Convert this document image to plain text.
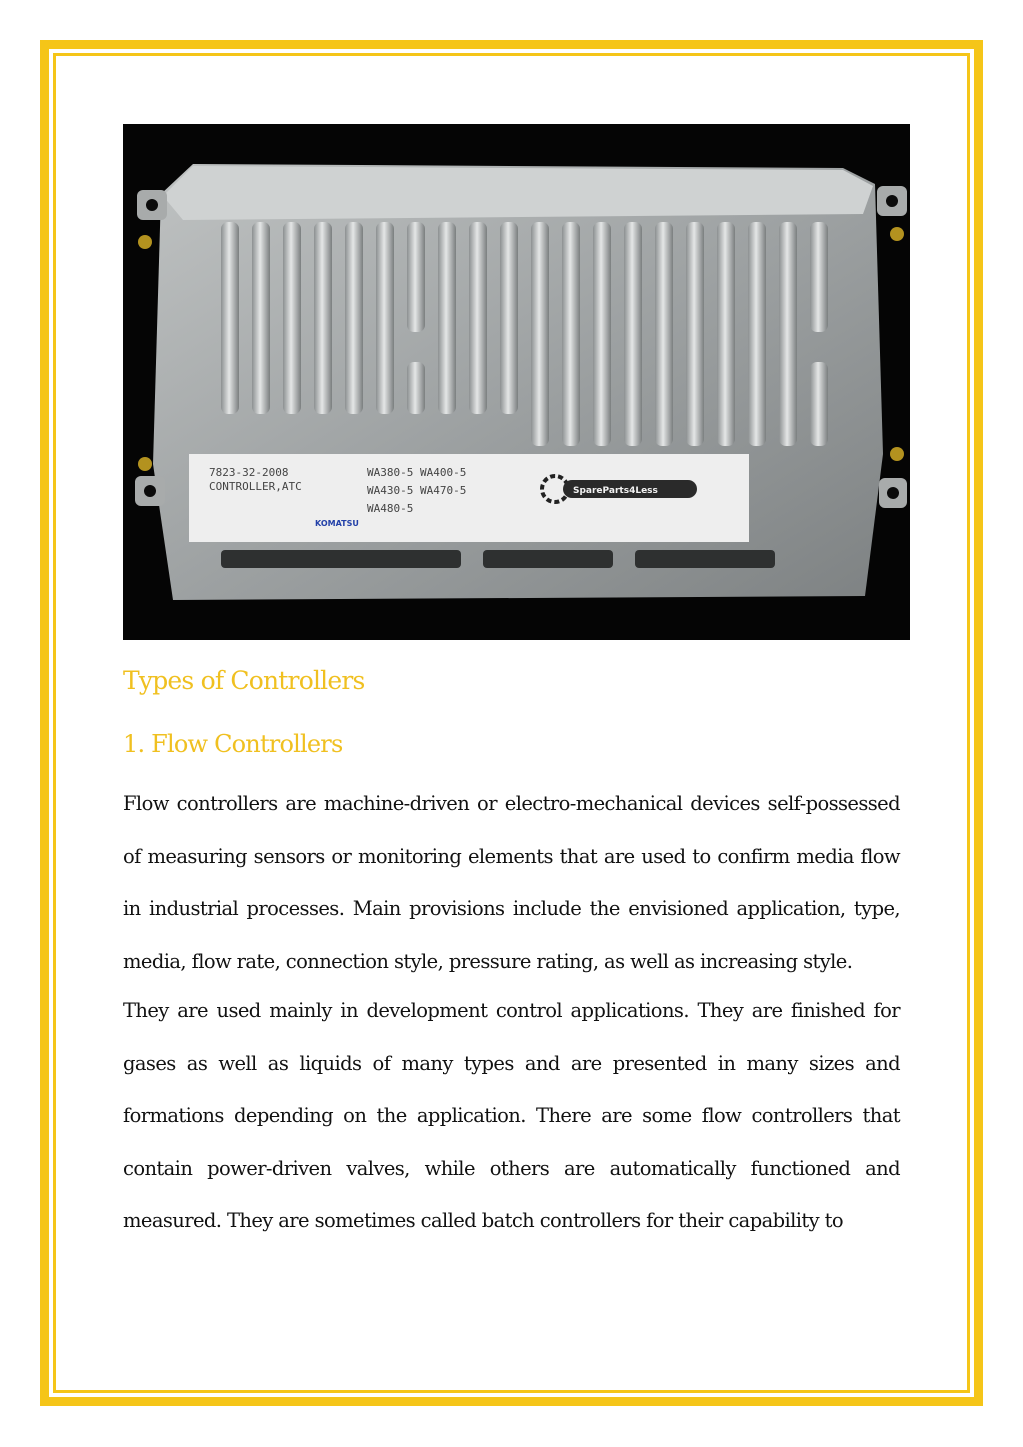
7823-32-2008
CONTROLLER,ATC
WA380-5 WA400-5
WA430-5 WA470-5
WA480-5
KOMATSU
SpareParts4Less
Types of Controllers
1. Flow Controllers

Flow controllers are machine-driven or electro-mechanical devices self-possessed of measuring sensors or monitoring elements that are used to confirm media flow in industrial processes. Main provisions include the envisioned application, type, media, flow rate, connection style, pressure rating, as well as increasing style.

They are used mainly in development control applications. They are finished for gases as well as liquids of many types and are presented in many sizes and formations depending on the application. There are some flow controllers that contain power-driven valves, while others are automatically functioned and measured. They are sometimes called batch controllers for their capability to
